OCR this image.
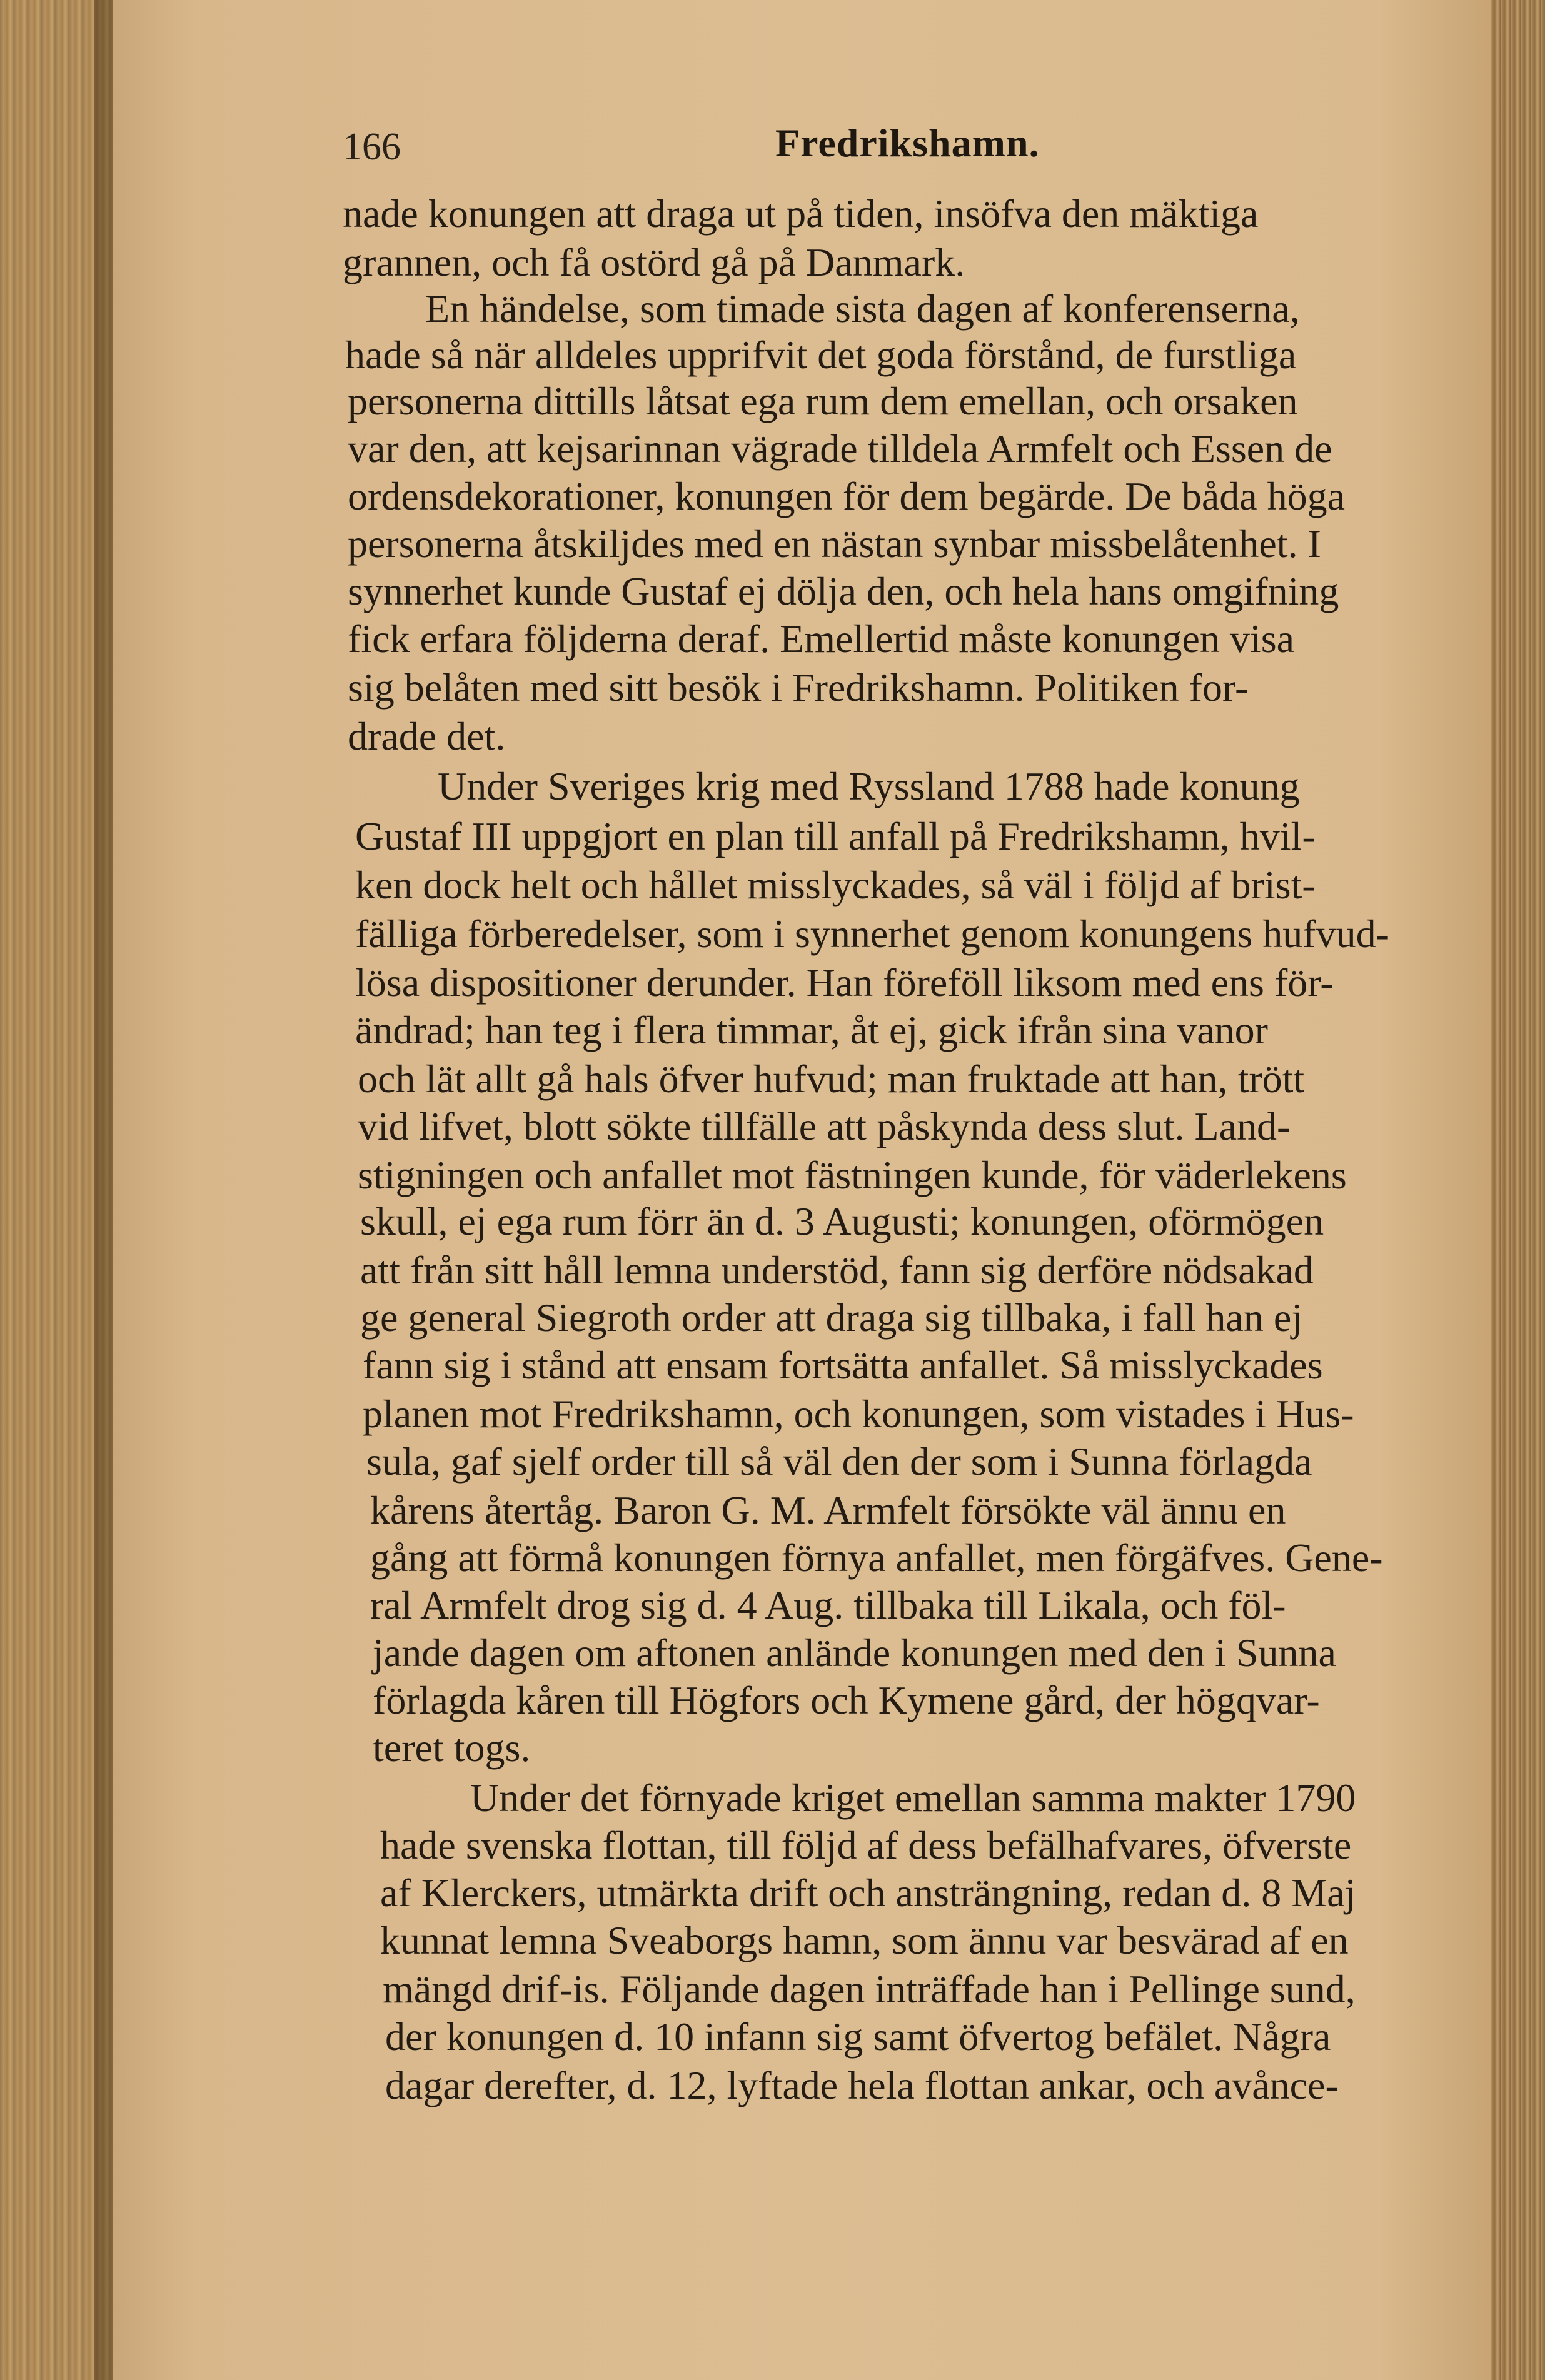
166	Fredrikshamn.
nade konungen att draga ut på tiden, insöfva den mäktiga
grannen, och få ostörd gå på Danmark.
En händelse, som timade sista dagen af konferenserna,
hade så när alldeles upprifvit det goda förstånd, de furstliga
personerna dittills låtsat ega rum dem emellan, och orsaken
var den, att kejsarinnan vägrade tilldela Armfelt och Essen de
ordensdekorationer, konungen för dem begärde. De båda höga
personerna åtskiljdes med en nästan synbar missbelåtenhet. I
synnerhet kunde Gustaf ej dölja den, och hela hans omgifning
fick erfara följderna deraf. Emellertid måste konungen visa
sig belåten med sitt besök i Fredrikshamn. Politiken for-
drade det.
Under Sveriges krig med Ryssland 1788 hade konung
Gustaf III uppgjort en plan till anfall på Fredrikshamn, hvil-
ken dock helt och hållet misslyckades, så väl i följd af brist-
fälliga förberedelser, som i synnerhet genom konungens hufvud-
lösa dispositioner derunder. Han föreföll liksom med ens för-
ändrad; han teg i flera timmar, åt ej, gick ifrån sina vanor
och lät allt gå hals öfver hufvud; man fruktade att han, trött
vid lifvet, blott sökte tillfälle att påskynda dess slut. Land-
stigningen och anfallet mot fästningen kunde, för väderlekens
skull, ej ega rum förr än d. 3 Augusti; konungen, oförmögen
att från sitt håll lemna understöd, fann sig derföre nödsakad
ge general Siegroth order att draga sig tillbaka, i fall han ej
fann sig i stånd att ensam fortsätta anfallet. Så misslyckades
planen mot Fredrikshamn, och konungen, som vistades i Hus-
sula, gaf sjelf order till så väl den der som i Sunna förlagda
kårens återtåg. Baron G. M. Armfelt försökte väl ännu en
gång att förmå konungen förnya anfallet, men förgäfves. Gene-
ral Armfelt drog sig d. 4 Aug. tillbaka till Likala, och föl-
jande dagen om aftonen anlände konungen med den i Sunna
förlagda kåren till Högfors och Kymene gård, der högqvar-
teret togs.
Under det förnyade kriget emellan samma makter 1790
hade svenska flottan, till följd af dess befälhafvares, öfverste
af Klerckers, utmärkta drift och ansträngning, redan d. 8 Maj
kunnat lemna Sveaborgs hamn, som ännu var besvärad af en
mängd drif-is. Följande dagen inträffade han i Pellinge sund,
der konungen d. 10 infann sig samt öfvertog befälet. Några
dagar derefter, d. 12, lyftade hela flottan ankar, och avånce-
